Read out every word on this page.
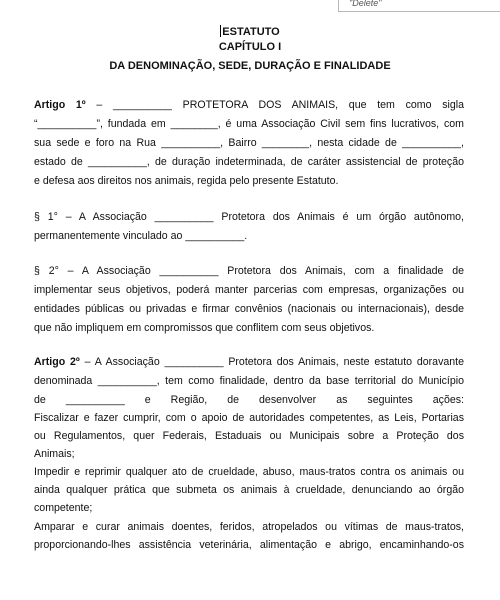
"Delete"
ESTATUTO
CAPÍTULO I
DA DENOMINAÇÃO, SEDE, DURAÇÃO E FINALIDADE
Artigo 1º – __________ PROTETORA DOS ANIMAIS, que tem como sigla
“__________”, fundada em ________, é uma Associação Civil sem fins lucrativos, com
sua sede e foro na Rua __________, Bairro ________, nesta cidade de __________,
estado de __________, de duração indeterminada, de caráter assistencial de proteção
e defesa aos direitos nos animais, regida pelo presente Estatuto.
§ 1° – A Associação __________ Protetora dos Animais é um órgão autônomo,
permanentemente vinculado ao __________.
§ 2° – A Associação __________ Protetora dos Animais, com a finalidade de
implementar seus objetivos, poderá manter parcerias com empresas, organizações ou
entidades públicas ou privadas e firmar convênios (nacionais ou internacionais), desde
que não impliquem em compromissos que conflitem com seus objetivos.
Artigo 2º – A Associação __________ Protetora dos Animais, neste estatuto doravante
denominada __________, tem como finalidade, dentro da base territorial do Município
de __________ e Região, de desenvolver as seguintes ações:
Fiscalizar e fazer cumprir, com o apoio de autoridades competentes, as Leis, Portarias
ou Regulamentos, quer Federais, Estaduais ou Municipais sobre a Proteção dos
Animais;
Impedir e reprimir qualquer ato de crueldade, abuso, maus-tratos contra os animais ou
ainda qualquer prática que submeta os animais à crueldade, denunciando ao órgão
competente;
Amparar e curar animais doentes, feridos, atropelados ou vítimas de maus-tratos,
proporcionando-lhes assistência veterinária, alimentação e abrigo, encaminhando-os
